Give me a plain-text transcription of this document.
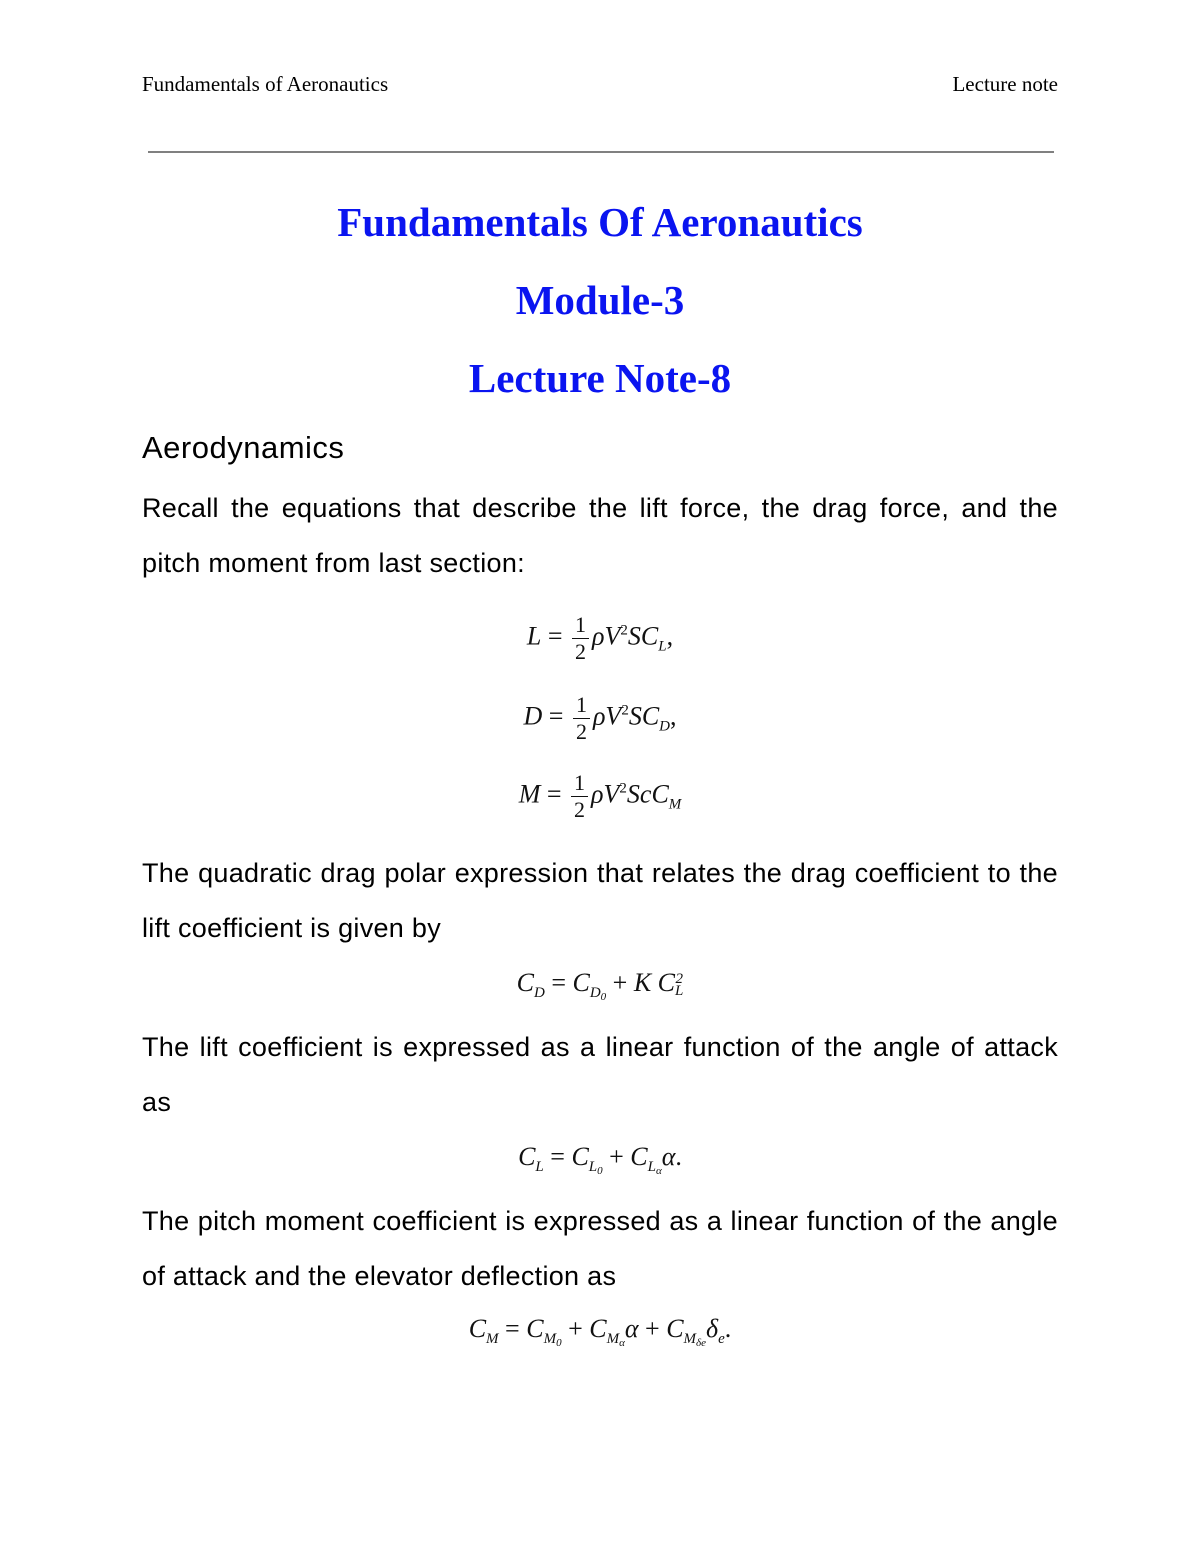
Fundamentals of Aeronautics	Lecture note
Fundamentals Of Aeronautics
Module-3
Lecture Note-8
Aerodynamics
Recall the equations that describe the lift force, the drag force, and the pitch moment from last section:
$L = \frac{1}{2} \rho V^2SC_L$,
$D = \frac{1}{2} \rho V^2SC_D$,
$M = \frac{1}{2} \rho V^2ScC_M$
The quadratic drag polar expression that relates the drag coefficient to the lift coefficient is given by
$C_D = C_{D_0} + K$ C 2
L
The lift coefficient is expressed as a linear function of the angle of attack as
$C_L = C_{L_0} + C_{L_\alpha}\alpha$.
The pitch moment coefficient is expressed as a linear function of the angle of attack and the elevator deflection as
$C_M = C_{M_0} + C_{M_\alpha}\alpha + C_{M_{\delta e}}\delta_e$.
